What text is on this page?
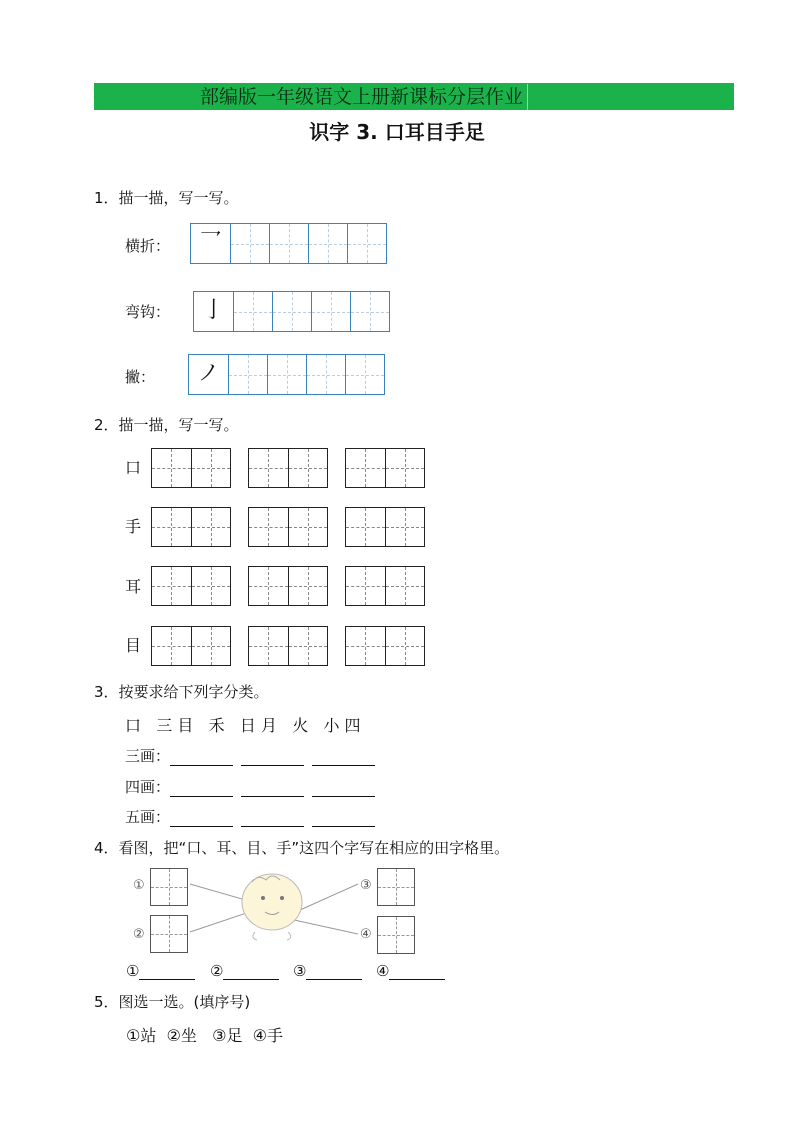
部编版一年级语文上册新课标分层作业
识字 3. 口耳目手足
1．描一描，写一写。
横折：	乛
弯钩：	亅
撇：	ノ
2．描一描，写一写。
口
手
耳
目
3．按要求给下列字分类。
口   三 目   禾   日 月   火   小 四
三画：
四画：
五画：
4．看图，把“口、耳、目、手”这四个字写在相应的田字格里。
①
②
③
④
①	②	③	④
5．图选一选。(填序号)
①站  ②坐   ③足  ④手
